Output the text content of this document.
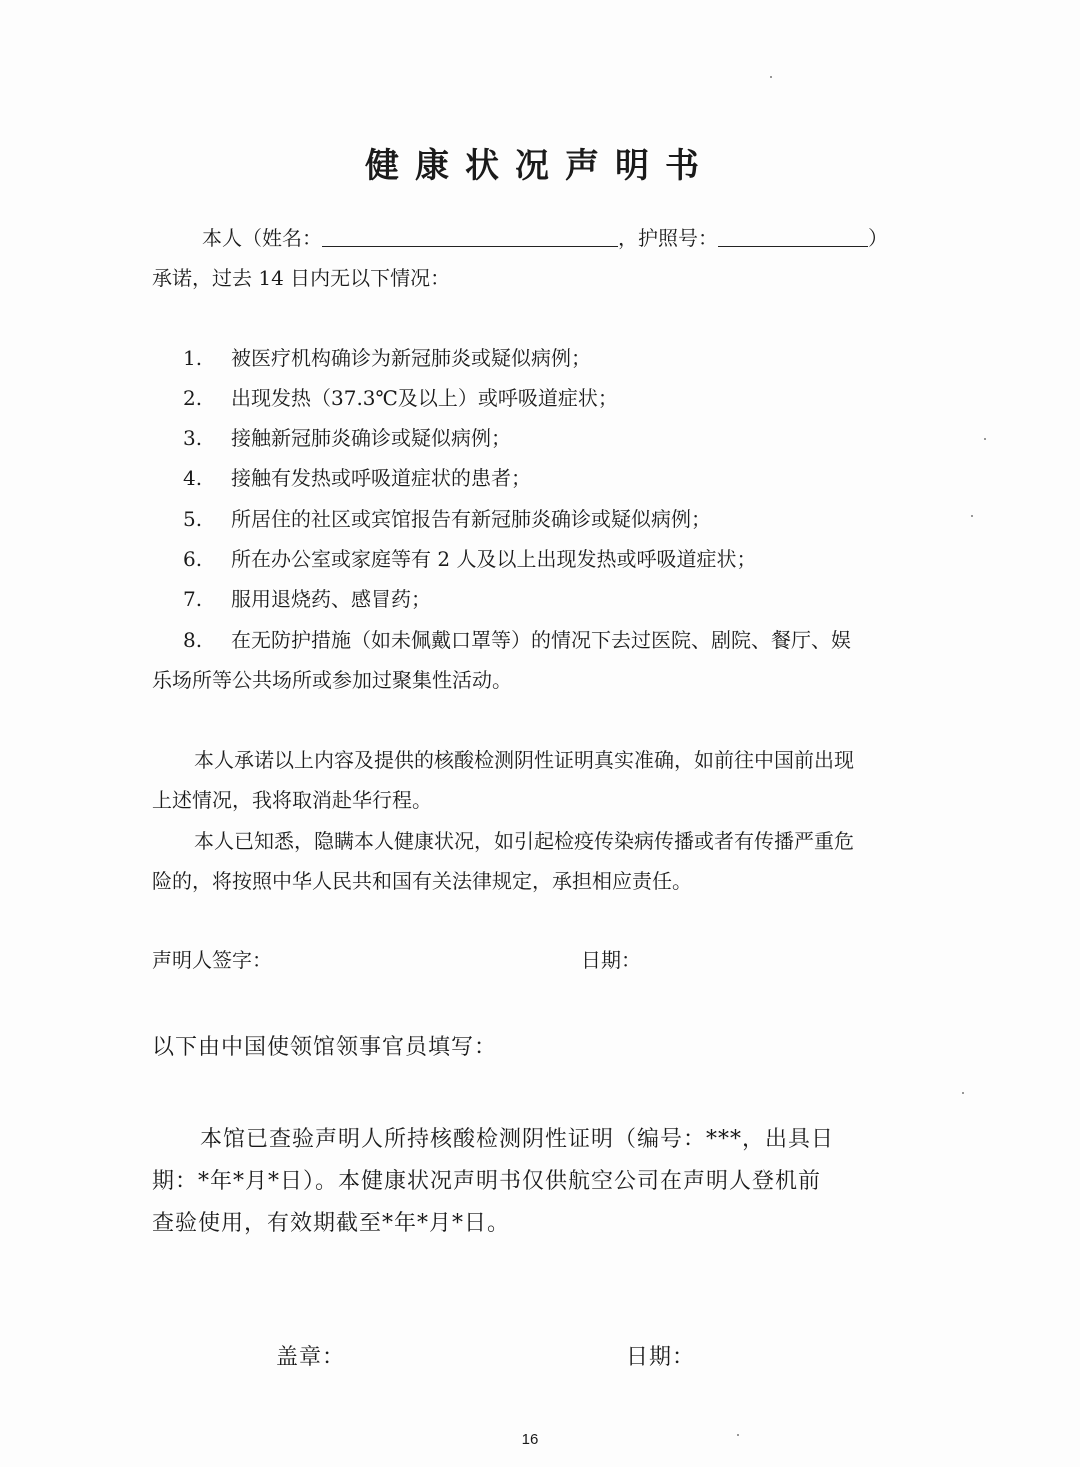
健康状况声明书
本人（姓名：	，护照号：	）
承诺，过去 14 日内无以下情况：
1. 被医疗机构确诊为新冠肺炎或疑似病例；
2. 出现发热（37.3℃及以上）或呼吸道症状；
3. 接触新冠肺炎确诊或疑似病例；
4. 接触有发热或呼吸道症状的患者；
5. 所居住的社区或宾馆报告有新冠肺炎确诊或疑似病例；
6. 所在办公室或家庭等有 2 人及以上出现发热或呼吸道症状；
7. 服用退烧药、感冒药；
8. 在无防护措施（如未佩戴口罩等）的情况下去过医院、剧院、餐厅、娱
乐场所等公共场所或参加过聚集性活动。
本人承诺以上内容及提供的核酸检测阴性证明真实准确，如前往中国前出现
上述情况，我将取消赴华行程。
本人已知悉，隐瞒本人健康状况，如引起检疫传染病传播或者有传播严重危
险的，将按照中华人民共和国有关法律规定，承担相应责任。
声明人签字：	日期：
以下由中国使领馆领事官员填写：
本馆已查验声明人所持核酸检测阴性证明（编号：***，出具日
期：*年*月*日）。本健康状况声明书仅供航空公司在声明人登机前
查验使用，有效期截至*年*月*日。
盖章：	日期：
16
